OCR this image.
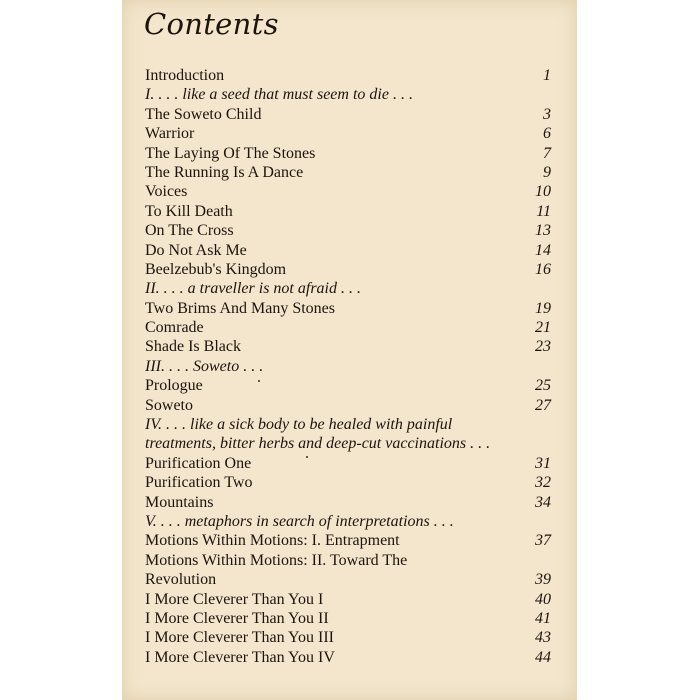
Contents
Introduction	1
I. . . . like a seed that must seem to die . . .
The Soweto Child	3
Warrior	6
The Laying Of The Stones	7
The Running Is A Dance	9
Voices	10
To Kill Death	11
On The Cross	13
Do Not Ask Me	14
Beelzebub's Kingdom	16
II. . . . a traveller is not afraid . . .
Two Brims And Many Stones	19
Comrade	21
Shade Is Black	23
III. . . . Soweto . . .
Prologue	25
Soweto	27
IV. . . . like a sick body to be healed with painful
treatments, bitter herbs and deep-cut vaccinations . . .
Purification One	31
Purification Two	32
Mountains	34
V. . . . metaphors in search of interpretations . . .
Motions Within Motions: I. Entrapment	37
Motions Within Motions: II. Toward The
Revolution	39
I More Cleverer Than You I	40
I More Cleverer Than You II	41
I More Cleverer Than You III	43
I More Cleverer Than You IV	44
